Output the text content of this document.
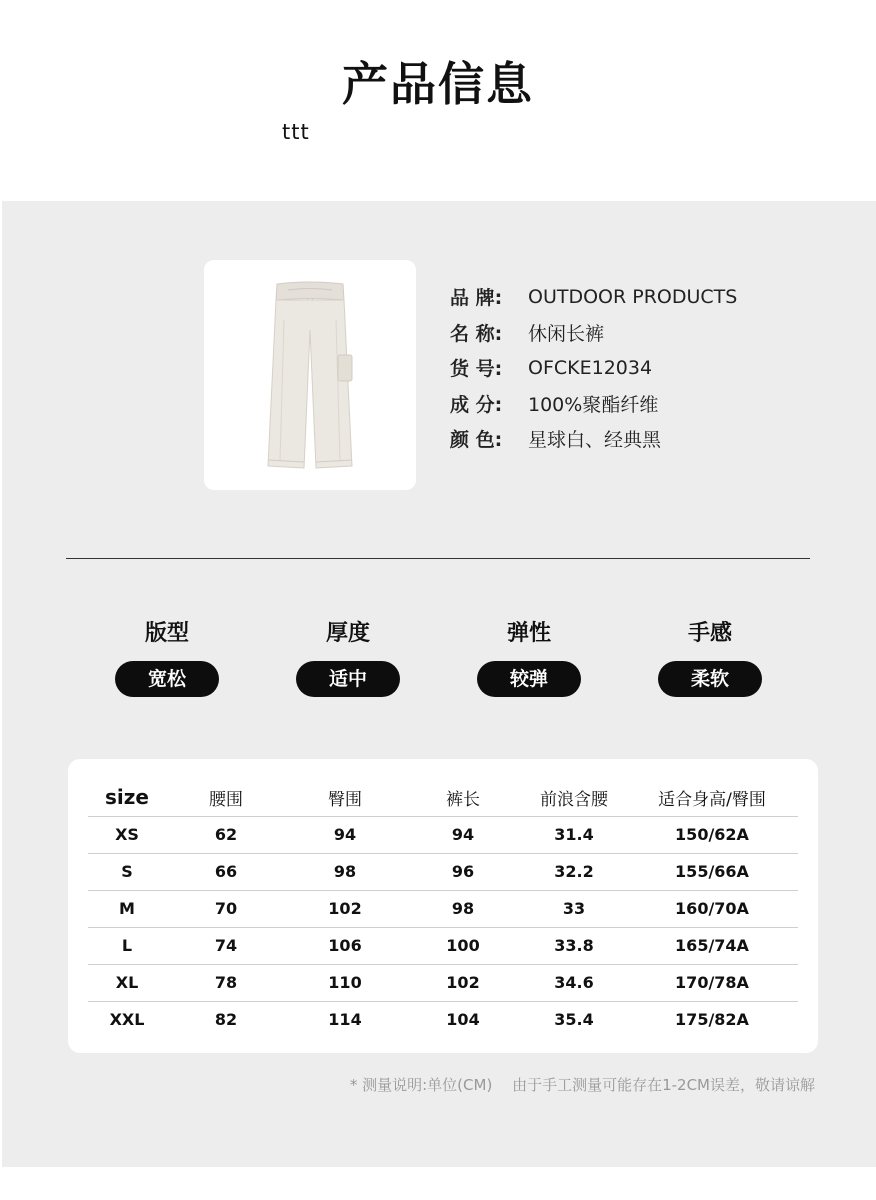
产品信息
ttt
品 牌:	OUTDOOR PRODUCTS
名 称:	休闲长裤
货 号:	OFCKE12034
成 分:	100%聚酯纤维
颜 色:	星球白、经典黑
版型
宽松
厚度
适中
弹性
较弹
手感
柔软
size	腰围	臀围	裤长	前浪含腰	适合身高/臀围
XS	62	94	94	31.4	150/62A
S	66	98	96	32.2	155/66A
M	70	102	98	33	160/70A
L	74	106	100	33.8	165/74A
XL	78	110	102	34.6	170/78A
XXL	82	114	104	35.4	175/82A
* 测量说明:单位(CM)　 由于手工测量可能存在1-2CM误差，敬请谅解
